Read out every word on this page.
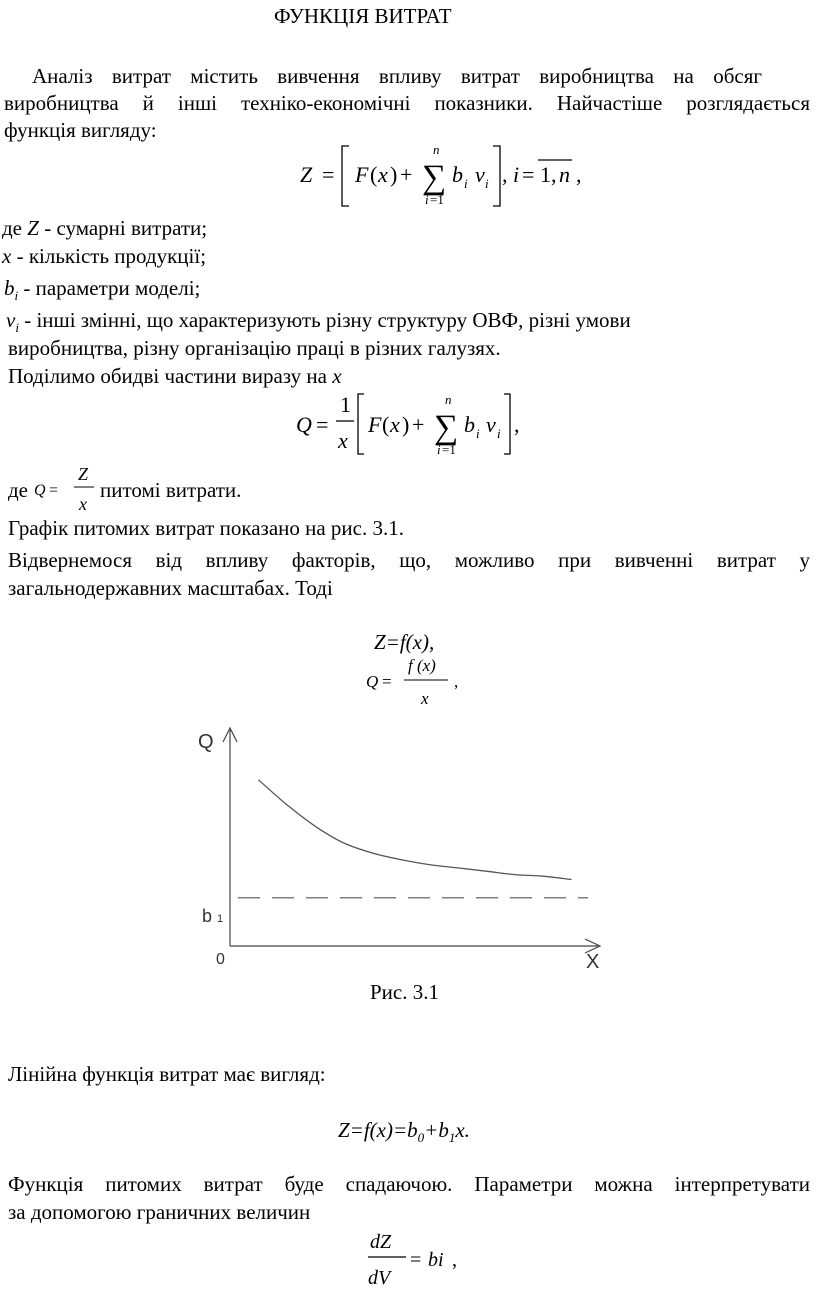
ФУНКЦІЯ ВИТРАТ
Аналіз витрат містить вивчення впливу витрат виробництва на обсяг
виробництва й інші техніко-економічні показники. Найчастіше розглядається
функція вигляду:
Z = F ( x ) + ∑
n
i =1
b i v i , i = 1, n ,
де Z - сумарні витрати;
x - кількість продукції;
$b_i$ - параметри моделі;
$v_i$ - інші змінні, що характеризують різну структуру ОВФ, різні умови
виробництва, різну організацію праці в різних галузях.
Поділимо обидві частини виразу на x
Q =
1
x
F ( x ) + ∑
n
i =1
b i v i ,
де Q =
Z
x
питомі витрати.
Графік питомих витрат показано на рис. 3.1.
Відвернемося від впливу факторів, що, можливо при вивченні витрат у
загальнодержавних масштабах. Тоді
Z=f(x),
Q =
f (x)
x
,
Q
X
0
b 1
Рис. 3.1
Лінійна функція витрат має вигляд:
$Z=f(x)=b_0+b_1x$.
Функція питомих витрат буде спадаючою. Параметри можна інтерпретувати
за допомогою граничних величин
dZ
dV
= bi ,
